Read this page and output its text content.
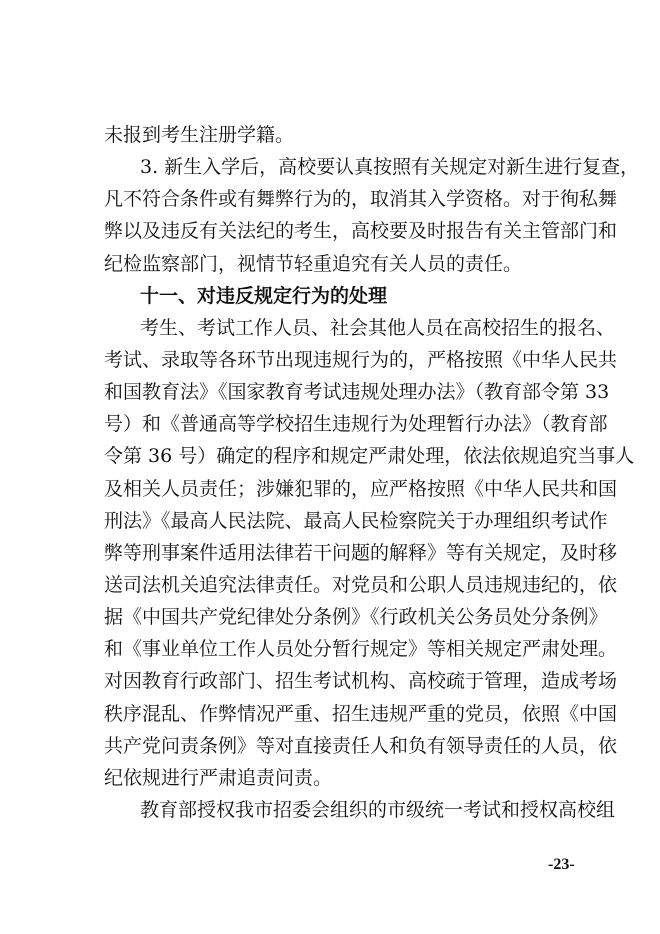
未报到考生注册学籍。
3. 新生入学后，高校要认真按照有关规定对新生进行复查，
凡不符合条件或有舞弊行为的，取消其入学资格。对于徇私舞
弊以及违反有关法纪的考生，高校要及时报告有关主管部门和
纪检监察部门，视情节轻重追究有关人员的责任。
十一、对违反规定行为的处理
考生、考试工作人员、社会其他人员在高校招生的报名、
考试、录取等各环节出现违规行为的，严格按照《中华人民共
和国教育法》《国家教育考试违规处理办法》（教育部令第 33
号）和《普通高等学校招生违规行为处理暂行办法》（教育部
令第 36 号）确定的程序和规定严肃处理，依法依规追究当事人
及相关人员责任；涉嫌犯罪的，应严格按照《中华人民共和国
刑法》《最高人民法院、最高人民检察院关于办理组织考试作
弊等刑事案件适用法律若干问题的解释》等有关规定，及时移
送司法机关追究法律责任。对党员和公职人员违规违纪的，依
据《中国共产党纪律处分条例》《行政机关公务员处分条例》
和《事业单位工作人员处分暂行规定》等相关规定严肃处理。
对因教育行政部门、招生考试机构、高校疏于管理，造成考场
秩序混乱、作弊情况严重、招生违规严重的党员，依照《中国
共产党问责条例》等对直接责任人和负有领导责任的人员，依
纪依规进行严肃追责问责。
教育部授权我市招委会组织的市级统一考试和授权高校组
-23-
